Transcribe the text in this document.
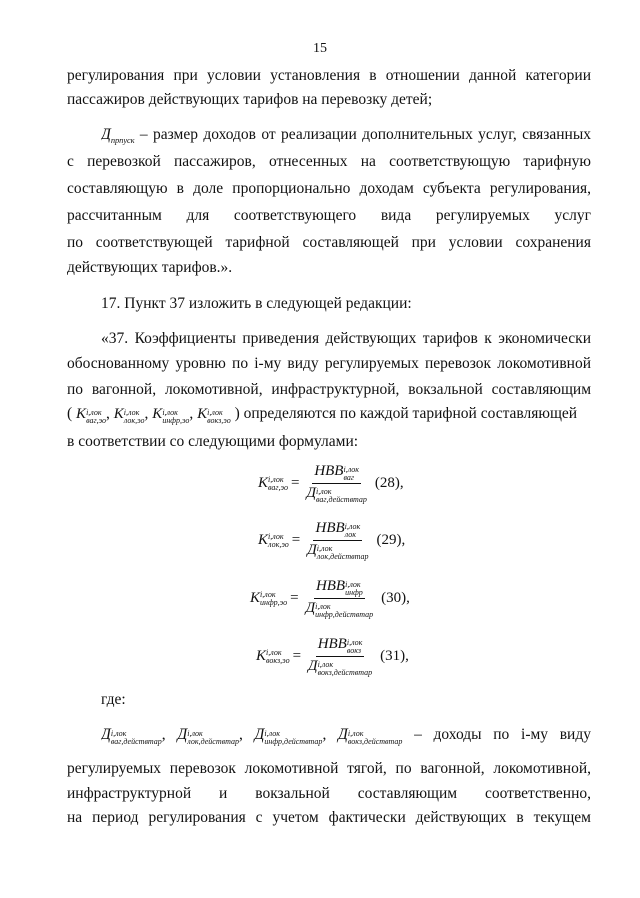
15
регулирования при условии установления в отношении данной категории
пассажиров действующих тарифов на перевозку детей;
$Д_{прпуск}$ – размер доходов от реализации дополнительных услуг, связанных
с перевозкой пассажиров, отнесенных на соответствующую тарифную
составляющую в доле пропорционально доходам субъекта регулирования,
рассчитанным для соответствующего вида регулируемых услуг
по соответствующей тарифной составляющей при условии сохранения
действующих тарифов.».
17. Пункт 37 изложить в следующей редакции:
«37. Коэффициенты приведения действующих тарифов к экономически
обоснованному уровню по i-му виду регулируемых перевозок локомотивной
по вагонной, локомотивной, инфраструктурной, вокзальной составляющим
( K i,лок
ваг,эо , K i,лок
лок,эо , K i,лок
инфр,эо , K i,лок
вокз,эо ) определяются по каждой тарифной составляющей
в соответствии со следующими формулами:
K i,лок
ваг,эо = НВВ i,лок
ваг
Д i,лок
ваг,действтар (28),
K i,лок
лок,эо = НВВ i,лок
лок
Д i,лок
лок,действтар (29),
K i,лок
инфр,эо = НВВ i,лок
инфр
Д i,лок
инфр,действтар (30),
K i,лок
вокз,эо = НВВ i,лок
вокз
Д i,лок
вокз,действтар (31),
где:
Д i,лок
ваг,действтар , Д i,лок
лок,действтар , Д i,лок
инфр,действтар , Д i,лок
вокз,действтар – доходы по i-му виду
регулируемых перевозок локомотивной тягой, по вагонной, локомотивной,
инфраструктурной и вокзальной составляющим соответственно,
на период регулирования с учетом фактически действующих в текущем
